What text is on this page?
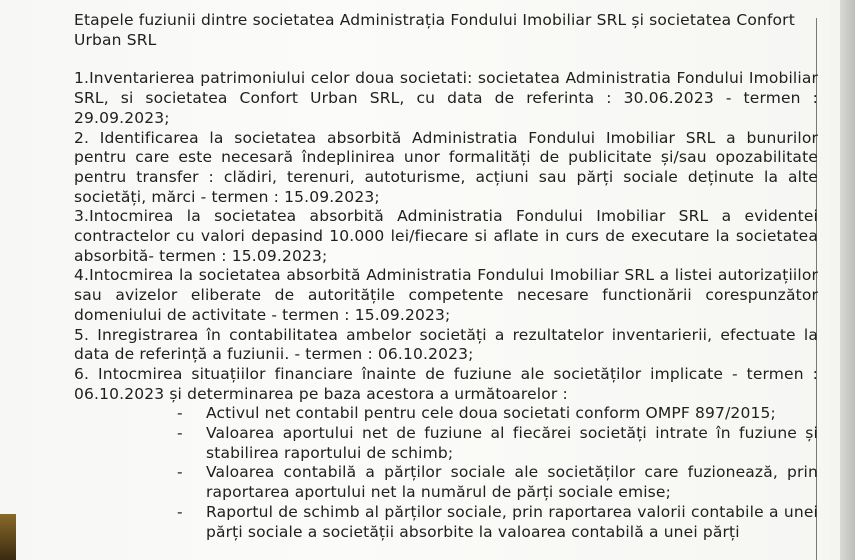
Etapele fuziunii dintre societatea Administrația Fondului Imobiliar SRL și societatea Confort Urban SRL

1.Inventarierea patrimoniului celor doua societati: societatea Administratia Fondului Imobiliar SRL, si societatea Confort Urban SRL, cu data de referinta : 30.06.2023 - termen : 29.09.2023;

2. Identificarea la societatea absorbită Administratia Fondului Imobiliar SRL a bunurilor pentru care este necesară îndeplinirea unor formalități de publicitate și/sau opozabilitate pentru transfer : clădiri, terenuri, autoturisme, acțiuni sau părți sociale deținute la alte societăți, mărci - termen : 15.09.2023;

3.Intocmirea la societatea absorbită Administratia Fondului Imobiliar SRL a evidentei contractelor cu valori depasind 10.000 lei/fiecare si aflate in curs de executare la societatea absorbită- termen : 15.09.2023;

4.Intocmirea la societatea absorbită Administratia Fondului Imobiliar SRL a listei autorizațiilor sau avizelor eliberate de autoritățile competente necesare functionării corespunzător domeniului de activitate - termen : 15.09.2023;

5. Inregistrarea în contabilitatea ambelor societăți a rezultatelor inventarierii, efectuate la data de referință a fuziunii. - termen : 06.10.2023;

6. Intocmirea situațiilor financiare înainte de fuziune ale societăților implicate - termen : 06.10.2023 și determinarea pe baza acestora a următoarelor :

- Activul net contabil pentru cele doua societati conform OMPF 897/2015;
- Valoarea aportului net de fuziune al fiecărei societăți intrate în fuziune și stabilirea raportului de schimb;
- Valoarea contabilă a părților sociale ale societăților care fuzionează, prin raportarea aportului net la numărul de părți sociale emise;
- Raportul de schimb al părților sociale, prin raportarea valorii contabile a unei părți sociale a societății absorbite la valoarea contabilă a unei părți
